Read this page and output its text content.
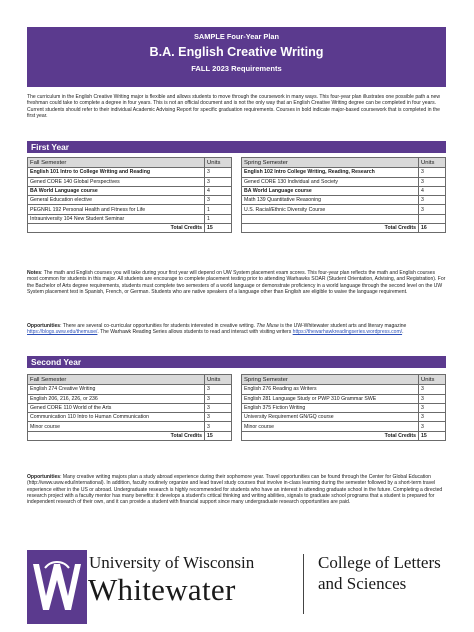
SAMPLE Four-Year Plan
B.A. English Creative Writing
FALL 2023 Requirements

The curriculum in the English Creative Writing major is flexible and allows students to move through the coursework in many ways. This four-year plan illustrates one possible path a new freshman could take to complete a degree in four years. This is not an official document and is not the only way that an English Creative Writing degree can be completed in four years. Current students should refer to their individual Academic Advising Report for specific graduation requirements. Courses in bold indicate major-based coursework that is completed in the first year.

First Year
Fall Semester	Units
English 101 Intro to College Writing and Reading	3
Gened CORE 140 Global Perspectives	3
BA World Language course	4
General Education elective	3
PEGNRL 192 Personal Health and Fitness for Life	1
Intrauniversity 104 New Student Seminar	1
Total Credits	15
Spring Semester	Units
English 102 Intro College Writing, Reading, Research	3
Gened CORE 130 Individual and Society	3
BA World Language course	4
Math 139 Quantitative Reasoning	3
U.S. Racial/Ethnic Diversity Course	3

Total Credits	16

Notes: The math and English courses you will take during your first year will depend on UW System placement exam scores. This four-year plan reflects the math and English courses most common for students in this major. All students are encourage to complete placement testing prior to attending Warhawks SOAR (Student Orientation, Advising, and Registration). For the Bachelor of Arts degree requirements, students must complete two semesters of a world language or demonstrate proficiency in a world language through the second level on the UW System placement test in Spanish, French, or German. Students who are native speakers of a language other than English are eligible to waive the language requirement.

Opportunities: There are several co-curricular opportunities for students interested in creative writing. The Muse is the UW-Whitewater student arts and literary magazine https://blogs.uww.edu/themuse/. The Warhawk Reading Series allows students to read and interact with visiting writers https://thewarhawkreadingseries.wordpress.com/.

Second Year
Fall Semester	Units
English 274 Creative Writing	3
English 206, 216, 226, or 236	3
Gened CORE 110 World of the Arts	3
Communication 110 Intro to Human Communication	3
Minor course	3
Total Credits	15
Spring Semester	Units
English 276 Reading as Writers	3
English 281 Language Study or PWP 310 Grammar SWE	3
English 375 Fiction Writing	3
University Requirement GN/GQ course	3
Minor course	3
Total Credits	15

Opportunities: Many creative writing majors plan a study abroad experience during their sophomore year. Travel opportunities can be found through the Center for Global Education (http://www.uww.edu/international). In addition, faculty routinely organize and lead travel study courses that involve in-class learning during the semester followed by a short-term travel experience either in the US or abroad. Undergraduate research is highly recommended for students who have an interest in attending graduate school in the future. Completing a directed research project with a faculty mentor has many benefits: it develops a student's critical thinking and writing abilities, signals to graduate school programs that a student is prepared for independent research of their own, and it can provide a student with financial support since many undergraduate research opportunities are paid.

University of Wisconsin
Whitewater
College of Letters
and Sciences
